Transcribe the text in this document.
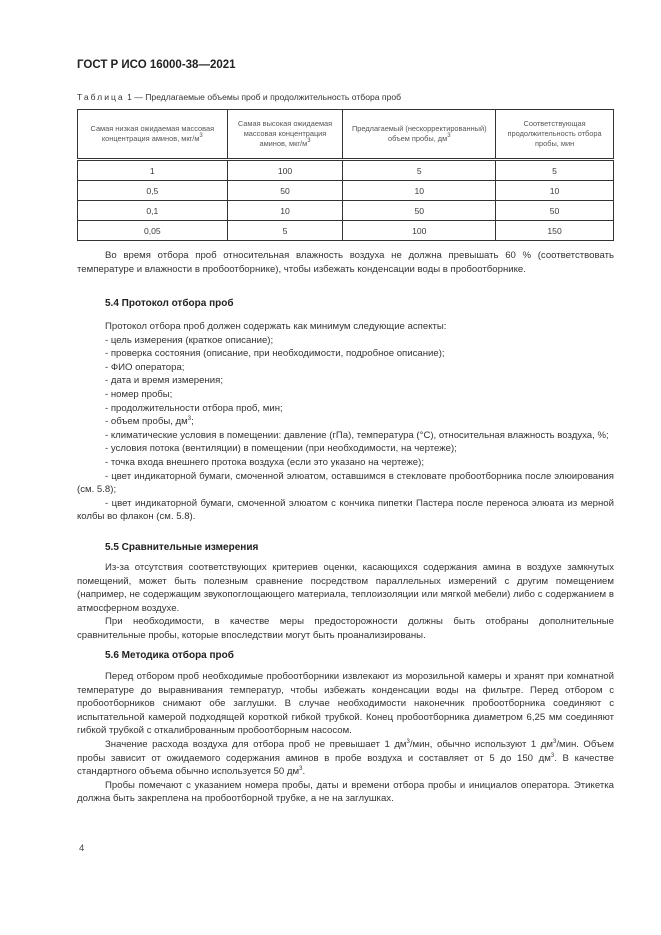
ГОСТ Р ИСО 16000-38—2021
Таблица 1 — Предлагаемые объемы проб и продолжительность отбора проб
Самая низкая ожидаемая массовая концентрация аминов, мкг/$м^3$	Самая высокая ожидаемая массовая концентрация аминов, мкг/$м^3$	Предлагаемый (нескорректированный) объем пробы, $дм^3$	Соответствующая продолжительность отбора пробы, мин
1	100	5	5
0,5	50	10	10
0,1	10	50	50
0,05	5	100	150

Во время отбора проб относительная влажность воздуха не должна превышать 60 % (соответствовать температуре и влажности в пробоотборнике), чтобы избежать конденсации воды в пробоотборнике.

5.4 Протокол отбора проб

Протокол отбора проб должен содержать как минимум следующие аспекты:

- цель измерения (краткое описание);
- проверка состояния (описание, при необходимости, подробное описание);
- ФИО оператора;
- дата и время измерения;
- номер пробы;
- продолжительности отбора проб, мин;
- объем пробы, $дм^3$;
- климатические условия в помещении: давление (гПа), температура (°С), относительная влажность воздуха, %;
- условия потока (вентиляции) в помещении (при необходимости, на чертеже);
- точка входа внешнего протока воздуха (если это указано на чертеже);
- цвет индикаторной бумаги, смоченной элюатом, оставшимся в стекловате пробоотборника после элюирования (см. 5.8);
- цвет индикаторной бумаги, смоченной элюатом с кончика пипетки Пастера после переноса элюата из мерной колбы во флакон (см. 5.8).
5.5 Сравнительные измерения

Из-за отсутствия соответствующих критериев оценки, касающихся содержания амина в воздухе замкнутых помещений, может быть полезным сравнение посредством параллельных измерений с другим помещением (например, не содержащим звукопоглощающего материала, теплоизоляции или мягкой мебели) либо с содержанием в атмосферном воздухе.

При необходимости, в качестве меры предосторожности должны быть отобраны дополнительные сравнительные пробы, которые впоследствии могут быть проанализированы.

5.6 Методика отбора проб

Перед отбором проб необходимые пробоотборники извлекают из морозильной камеры и хранят при комнатной температуре до выравнивания температур, чтобы избежать конденсации воды на фильтре. Перед отбором с пробоотборников снимают обе заглушки. В случае необходимости наконечник пробоотборника соединяют с испытательной камерой подходящей короткой гибкой трубкой. Конец пробоотборника диаметром 6,25 мм соединяют гибкой трубкой с откалиброванным пробоотборным насосом.

Значение расхода воздуха для отбора проб не превышает 1 $дм^3$/мин, обычно используют 1 $дм^3$/мин. Объем пробы зависит от ожидаемого содержания аминов в пробе воздуха и составляет от 5 до 150 $дм^3$. В качестве стандартного объема обычно используется 50 $дм^3$.

Пробы помечают с указанием номера пробы, даты и времени отбора пробы и инициалов оператора. Этикетка должна быть закреплена на пробоотборной трубке, а не на заглушках.

4
